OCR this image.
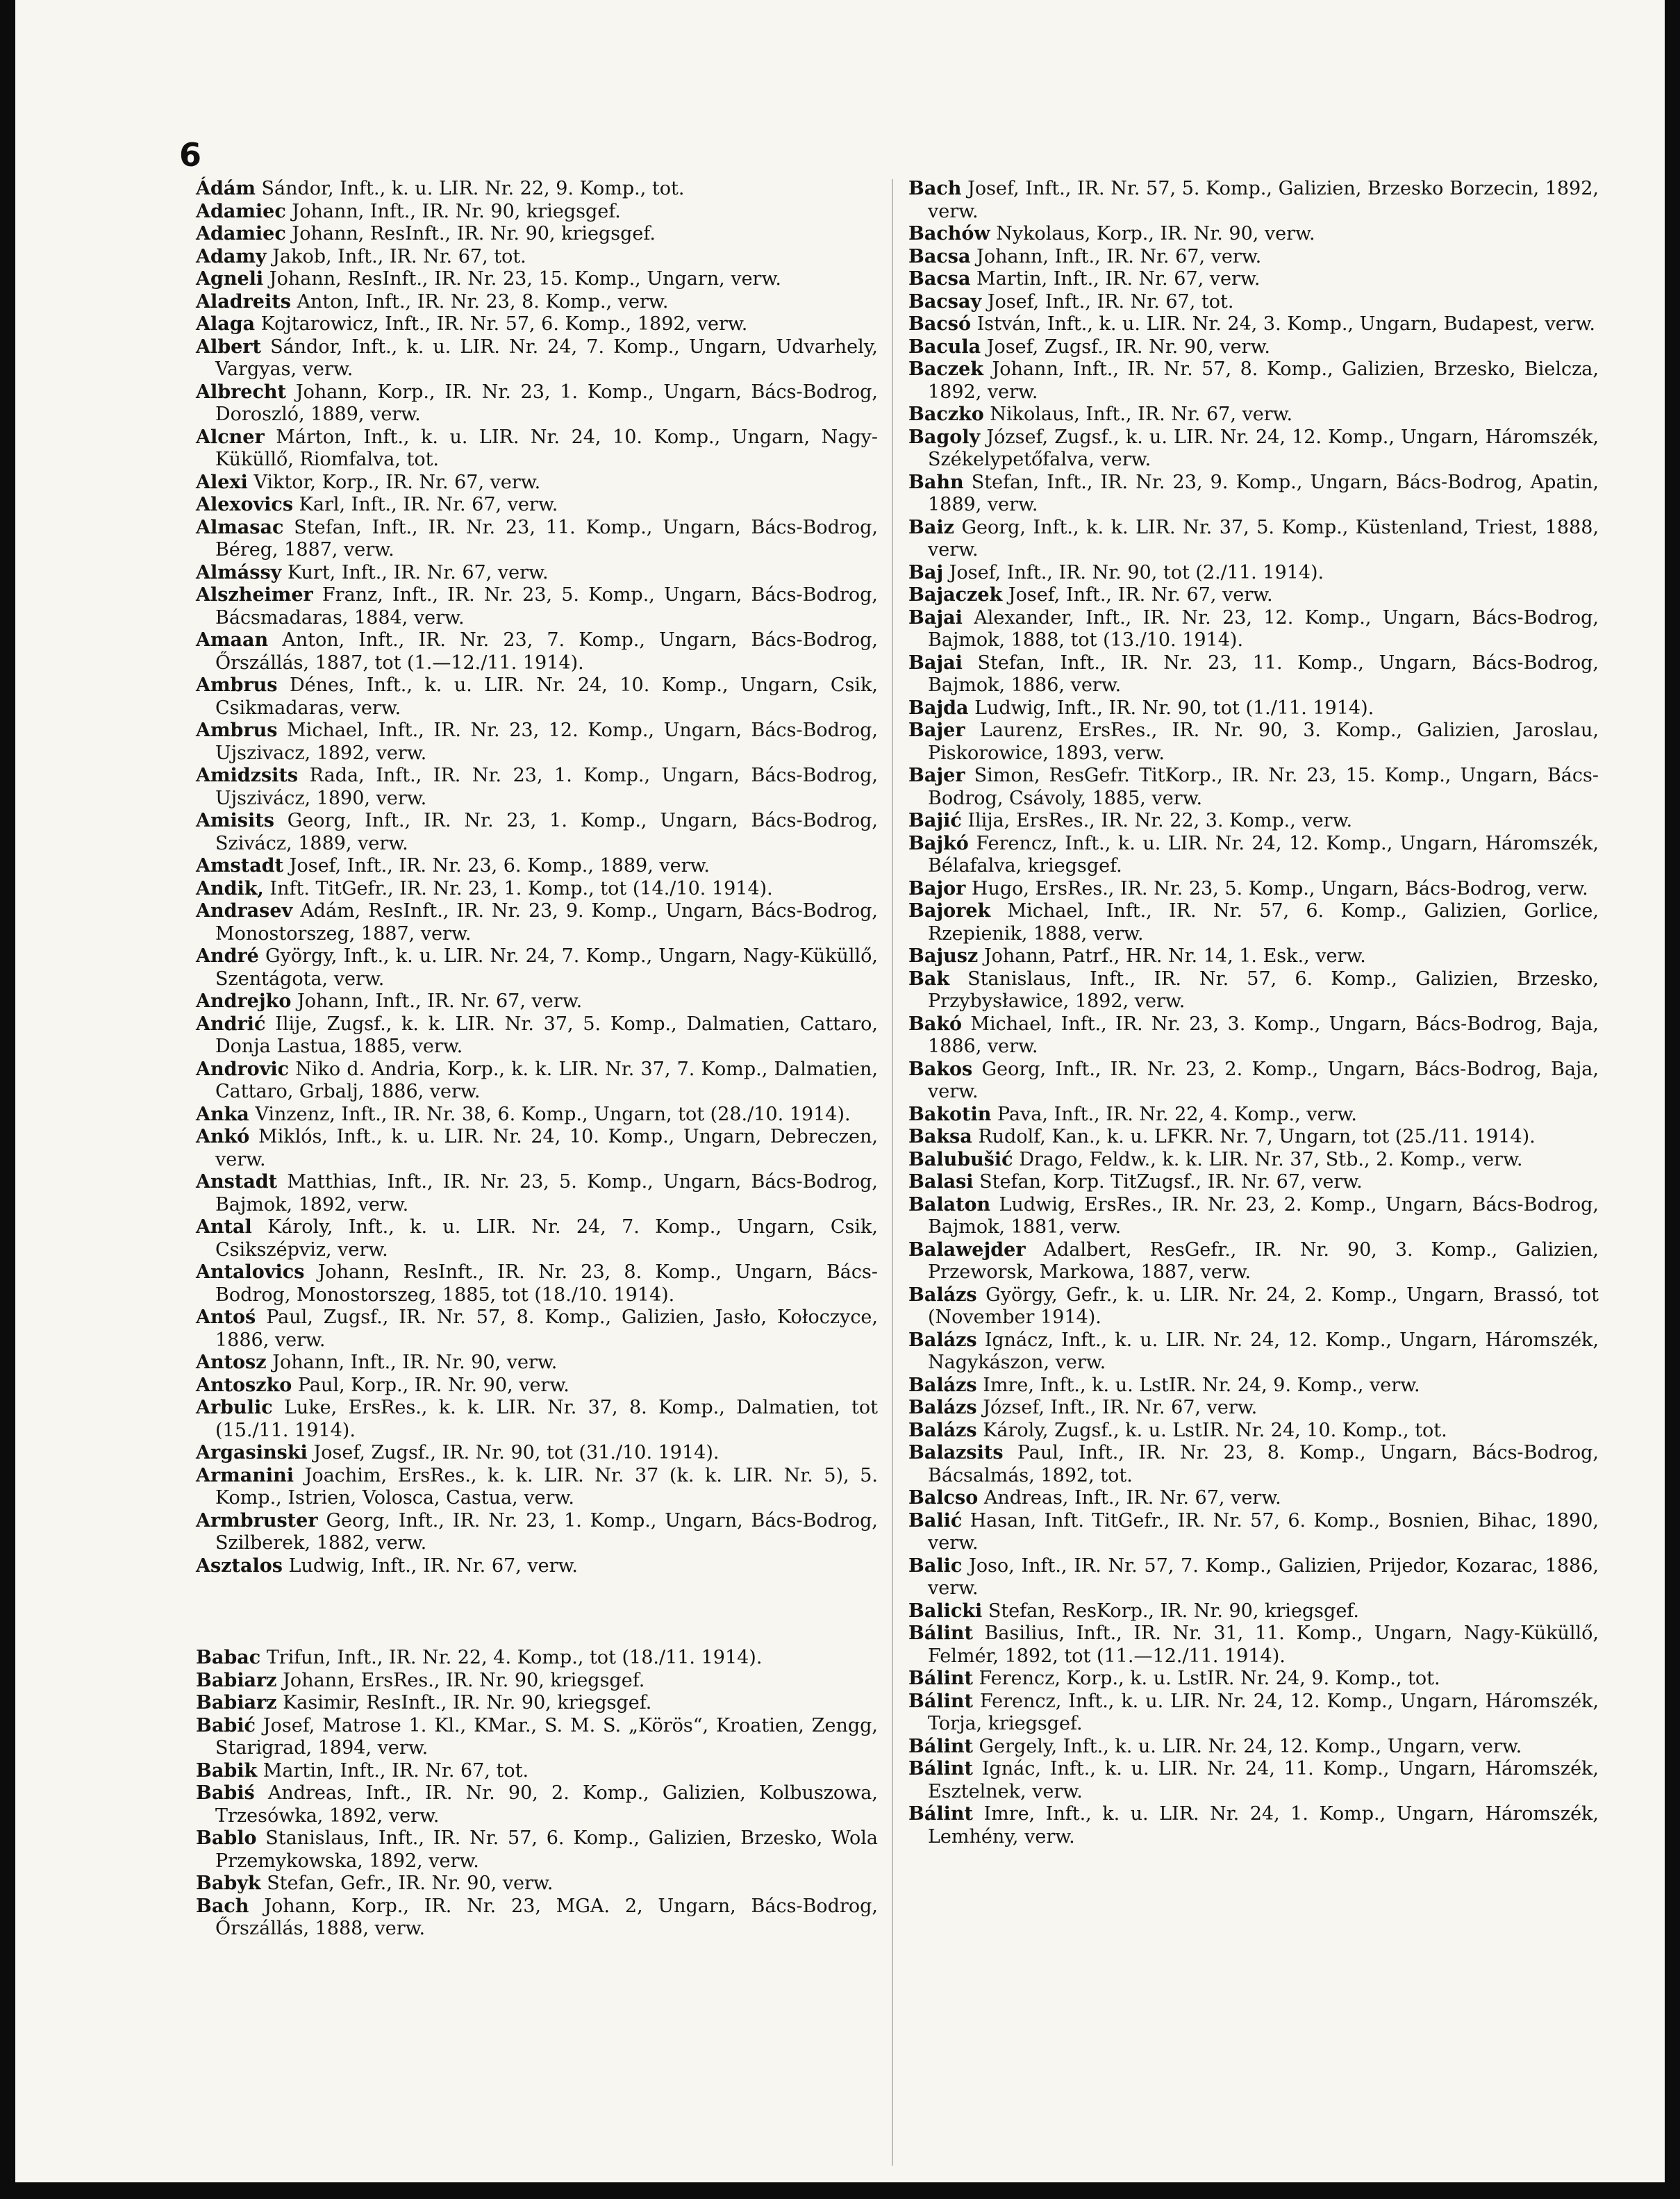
6
Ádám Sándor, Inft., k. u. LIR. Nr. 22, 9. Komp., tot.
Adamiec Johann, Inft., IR. Nr. 90, kriegsgef.
Adamiec Johann, ResInft., IR. Nr. 90, kriegsgef.
Adamy Jakob, Inft., IR. Nr. 67, tot.
Agneli Johann, ResInft., IR. Nr. 23, 15. Komp., Ungarn, verw.
Aladreits Anton, Inft., IR. Nr. 23, 8. Komp., verw.
Alaga Kojtarowicz, Inft., IR. Nr. 57, 6. Komp., 1892, verw.
Albert Sándor, Inft., k. u. LIR. Nr. 24, 7. Komp., Ungarn, Udvarhely, Vargyas, verw.
Albrecht Johann, Korp., IR. Nr. 23, 1. Komp., Ungarn, Bács-Bodrog, Doroszló, 1889, verw.
Alcner Márton, Inft., k. u. LIR. Nr. 24, 10. Komp., Ungarn, Nagy-Küküllő, Riomfalva, tot.
Alexi Viktor, Korp., IR. Nr. 67, verw.
Alexovics Karl, Inft., IR. Nr. 67, verw.
Almasac Stefan, Inft., IR. Nr. 23, 11. Komp., Ungarn, Bács-Bodrog, Béreg, 1887, verw.
Almássy Kurt, Inft., IR. Nr. 67, verw.
Alszheimer Franz, Inft., IR. Nr. 23, 5. Komp., Ungarn, Bács-Bodrog, Bácsmadaras, 1884, verw.
Amaan Anton, Inft., IR. Nr. 23, 7. Komp., Ungarn, Bács-Bodrog, Őrszállás, 1887, tot (1.—12./11. 1914).
Ambrus Dénes, Inft., k. u. LIR. Nr. 24, 10. Komp., Ungarn, Csik, Csikmadaras, verw.
Ambrus Michael, Inft., IR. Nr. 23, 12. Komp., Ungarn, Bács-Bodrog, Ujszivacz, 1892, verw.
Amidzsits Rada, Inft., IR. Nr. 23, 1. Komp., Ungarn, Bács-Bodrog, Ujszivácz, 1890, verw.
Amisits Georg, Inft., IR. Nr. 23, 1. Komp., Ungarn, Bács-Bodrog, Szivácz, 1889, verw.
Amstadt Josef, Inft., IR. Nr. 23, 6. Komp., 1889, verw.
Andik, Inft. TitGefr., IR. Nr. 23, 1. Komp., tot (14./10. 1914).
Andrasev Adám, ResInft., IR. Nr. 23, 9. Komp., Ungarn, Bács-Bodrog, Monostorszeg, 1887, verw.
André György, Inft., k. u. LIR. Nr. 24, 7. Komp., Ungarn, Nagy-Küküllő, Szentágota, verw.
Andrejko Johann, Inft., IR. Nr. 67, verw.
Andrić Ilije, Zugsf., k. k. LIR. Nr. 37, 5. Komp., Dalmatien, Cattaro, Donja Lastua, 1885, verw.
Androvic Niko d. Andria, Korp., k. k. LIR. Nr. 37, 7. Komp., Dalmatien, Cattaro, Grbalj, 1886, verw.
Anka Vinzenz, Inft., IR. Nr. 38, 6. Komp., Ungarn, tot (28./10. 1914).
Ankó Miklós, Inft., k. u. LIR. Nr. 24, 10. Komp., Ungarn, Debreczen, verw.
Anstadt Matthias, Inft., IR. Nr. 23, 5. Komp., Ungarn, Bács-Bodrog, Bajmok, 1892, verw.
Antal Károly, Inft., k. u. LIR. Nr. 24, 7. Komp., Ungarn, Csik, Csikszépviz, verw.
Antalovics Johann, ResInft., IR. Nr. 23, 8. Komp., Ungarn, Bács-Bodrog, Monostorszeg, 1885, tot (18./10. 1914).
Antoś Paul, Zugsf., IR. Nr. 57, 8. Komp., Galizien, Jasło, Kołoczyce, 1886, verw.
Antosz Johann, Inft., IR. Nr. 90, verw.
Antoszko Paul, Korp., IR. Nr. 90, verw.
Arbulic Luke, ErsRes., k. k. LIR. Nr. 37, 8. Komp., Dalmatien, tot (15./11. 1914).
Argasinski Josef, Zugsf., IR. Nr. 90, tot (31./10. 1914).
Armanini Joachim, ErsRes., k. k. LIR. Nr. 37 (k. k. LIR. Nr. 5), 5. Komp., Istrien, Volosca, Castua, verw.
Armbruster Georg, Inft., IR. Nr. 23, 1. Komp., Ungarn, Bács-Bodrog, Szilberek, 1882, verw.
Asztalos Ludwig, Inft., IR. Nr. 67, verw.
Babac Trifun, Inft., IR. Nr. 22, 4. Komp., tot (18./11. 1914).
Babiarz Johann, ErsRes., IR. Nr. 90, kriegsgef.
Babiarz Kasimir, ResInft., IR. Nr. 90, kriegsgef.
Babić Josef, Matrose 1. Kl., KMar., S. M. S. „Körös“, Kroatien, Zengg, Starigrad, 1894, verw.
Babik Martin, Inft., IR. Nr. 67, tot.
Babiś Andreas, Inft., IR. Nr. 90, 2. Komp., Galizien, Kolbuszowa, Trzesówka, 1892, verw.
Bablo Stanislaus, Inft., IR. Nr. 57, 6. Komp., Galizien, Brzesko, Wola Przemykowska, 1892, verw.
Babyk Stefan, Gefr., IR. Nr. 90, verw.
Bach Johann, Korp., IR. Nr. 23, MGA. 2, Ungarn, Bács-Bodrog, Őrszállás, 1888, verw.
Bach Josef, Inft., IR. Nr. 57, 5. Komp., Galizien, Brzesko Borzecin, 1892, verw.
Bachów Nykolaus, Korp., IR. Nr. 90, verw.
Bacsa Johann, Inft., IR. Nr. 67, verw.
Bacsa Martin, Inft., IR. Nr. 67, verw.
Bacsay Josef, Inft., IR. Nr. 67, tot.
Bacsó István, Inft., k. u. LIR. Nr. 24, 3. Komp., Ungarn, Budapest, verw.
Bacula Josef, Zugsf., IR. Nr. 90, verw.
Baczek Johann, Inft., IR. Nr. 57, 8. Komp., Galizien, Brzesko, Bielcza, 1892, verw.
Baczko Nikolaus, Inft., IR. Nr. 67, verw.
Bagoly József, Zugsf., k. u. LIR. Nr. 24, 12. Komp., Ungarn, Háromszék, Székelypetőfalva, verw.
Bahn Stefan, Inft., IR. Nr. 23, 9. Komp., Ungarn, Bács-Bodrog, Apatin, 1889, verw.
Baiz Georg, Inft., k. k. LIR. Nr. 37, 5. Komp., Küstenland, Triest, 1888, verw.
Baj Josef, Inft., IR. Nr. 90, tot (2./11. 1914).
Bajaczek Josef, Inft., IR. Nr. 67, verw.
Bajai Alexander, Inft., IR. Nr. 23, 12. Komp., Ungarn, Bács-Bodrog, Bajmok, 1888, tot (13./10. 1914).
Bajai Stefan, Inft., IR. Nr. 23, 11. Komp., Ungarn, Bács-Bodrog, Bajmok, 1886, verw.
Bajda Ludwig, Inft., IR. Nr. 90, tot (1./11. 1914).
Bajer Laurenz, ErsRes., IR. Nr. 90, 3. Komp., Galizien, Jaroslau, Piskorowice, 1893, verw.
Bajer Simon, ResGefr. TitKorp., IR. Nr. 23, 15. Komp., Ungarn, Bács-Bodrog, Csávoly, 1885, verw.
Bajić Ilija, ErsRes., IR. Nr. 22, 3. Komp., verw.
Bajkó Ferencz, Inft., k. u. LIR. Nr. 24, 12. Komp., Ungarn, Háromszék, Bélafalva, kriegsgef.
Bajor Hugo, ErsRes., IR. Nr. 23, 5. Komp., Ungarn, Bács-Bodrog, verw.
Bajorek Michael, Inft., IR. Nr. 57, 6. Komp., Galizien, Gorlice, Rzepienik, 1888, verw.
Bajusz Johann, Patrf., HR. Nr. 14, 1. Esk., verw.
Bak Stanislaus, Inft., IR. Nr. 57, 6. Komp., Galizien, Brzesko, Przybysławice, 1892, verw.
Bakó Michael, Inft., IR. Nr. 23, 3. Komp., Ungarn, Bács-Bodrog, Baja, 1886, verw.
Bakos Georg, Inft., IR. Nr. 23, 2. Komp., Ungarn, Bács-Bodrog, Baja, verw.
Bakotin Pava, Inft., IR. Nr. 22, 4. Komp., verw.
Baksa Rudolf, Kan., k. u. LFKR. Nr. 7, Ungarn, tot (25./11. 1914).
Balubušić Drago, Feldw., k. k. LIR. Nr. 37, Stb., 2. Komp., verw.
Balasi Stefan, Korp. TitZugsf., IR. Nr. 67, verw.
Balaton Ludwig, ErsRes., IR. Nr. 23, 2. Komp., Ungarn, Bács-Bodrog, Bajmok, 1881, verw.
Balawejder Adalbert, ResGefr., IR. Nr. 90, 3. Komp., Galizien, Przeworsk, Markowa, 1887, verw.
Balázs György, Gefr., k. u. LIR. Nr. 24, 2. Komp., Ungarn, Brassó, tot (November 1914).
Balázs Ignácz, Inft., k. u. LIR. Nr. 24, 12. Komp., Ungarn, Háromszék, Nagykászon, verw.
Balázs Imre, Inft., k. u. LstIR. Nr. 24, 9. Komp., verw.
Balázs József, Inft., IR. Nr. 67, verw.
Balázs Károly, Zugsf., k. u. LstIR. Nr. 24, 10. Komp., tot.
Balazsits Paul, Inft., IR. Nr. 23, 8. Komp., Ungarn, Bács-Bodrog, Bácsalmás, 1892, tot.
Balcso Andreas, Inft., IR. Nr. 67, verw.
Balić Hasan, Inft. TitGefr., IR. Nr. 57, 6. Komp., Bosnien, Bihac, 1890, verw.
Balic Joso, Inft., IR. Nr. 57, 7. Komp., Galizien, Prijedor, Kozarac, 1886, verw.
Balicki Stefan, ResKorp., IR. Nr. 90, kriegsgef.
Bálint Basilius, Inft., IR. Nr. 31, 11. Komp., Ungarn, Nagy-Küküllő, Felmér, 1892, tot (11.—12./11. 1914).
Bálint Ferencz, Korp., k. u. LstIR. Nr. 24, 9. Komp., tot.
Bálint Ferencz, Inft., k. u. LIR. Nr. 24, 12. Komp., Ungarn, Háromszék, Torja, kriegsgef.
Bálint Gergely, Inft., k. u. LIR. Nr. 24, 12. Komp., Ungarn, verw.
Bálint Ignác, Inft., k. u. LIR. Nr. 24, 11. Komp., Ungarn, Háromszék, Esztelnek, verw.
Bálint Imre, Inft., k. u. LIR. Nr. 24, 1. Komp., Ungarn, Háromszék, Lemhény, verw.
